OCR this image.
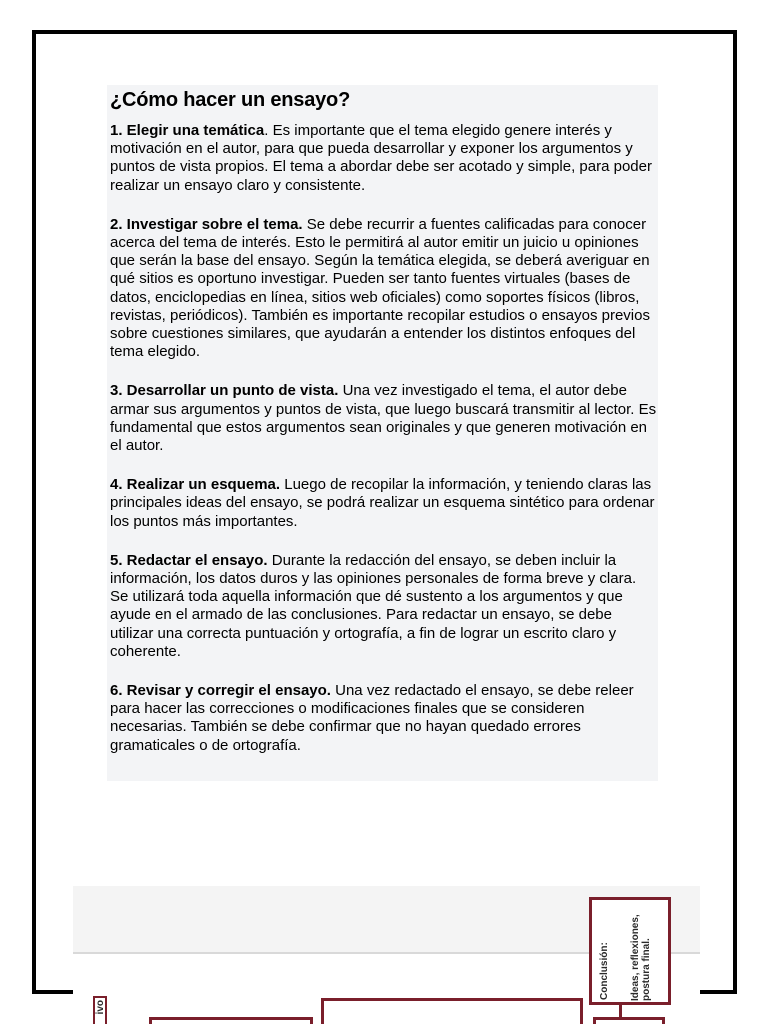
¿Cómo hacer un ensayo?

1. Elegir una temática. Es importante que el tema elegido genere interés y motivación en el autor, para que pueda desarrollar y exponer los argumentos y puntos de vista propios. El tema a abordar debe ser acotado y simple, para poder realizar un ensayo claro y consistente.

2. Investigar sobre el tema. Se debe recurrir a fuentes calificadas para conocer acerca del tema de interés. Esto le permitirá al autor emitir un juicio u opiniones que serán la base del ensayo. Según la temática elegida, se deberá averiguar en qué sitios es oportuno investigar. Pueden ser tanto fuentes virtuales (bases de datos, enciclopedias en línea, sitios web oficiales) como soportes físicos (libros, revistas, periódicos). También es importante recopilar estudios o ensayos previos sobre cuestiones similares, que ayudarán a entender los distintos enfoques del tema elegido.

3. Desarrollar un punto de vista. Una vez investigado el tema, el autor debe armar sus argumentos y puntos de vista, que luego buscará transmitir al lector. Es fundamental que estos argumentos sean originales y que generen motivación en el autor.

4. Realizar un esquema. Luego de recopilar la información, y teniendo claras las principales ideas del ensayo, se podrá realizar un esquema sintético para ordenar los puntos más importantes.

5. Redactar el ensayo. Durante la redacción del ensayo, se deben incluir la información, los datos duros y las opiniones personales de forma breve y clara. Se utilizará toda aquella información que dé sustento a los argumentos y que ayude en el armado de las conclusiones. Para redactar un ensayo, se debe utilizar una correcta puntuación y ortografía, a fin de lograr un escrito claro y coherente.

6. Revisar y corregir el ensayo. Una vez redactado el ensayo, se debe releer para hacer las correcciones o modificaciones finales que se consideren necesarias. También se debe confirmar que no hayan quedado errores gramaticales o de ortografía.

ivo
Conclusión: Ideas, reflexiones, postura final.
